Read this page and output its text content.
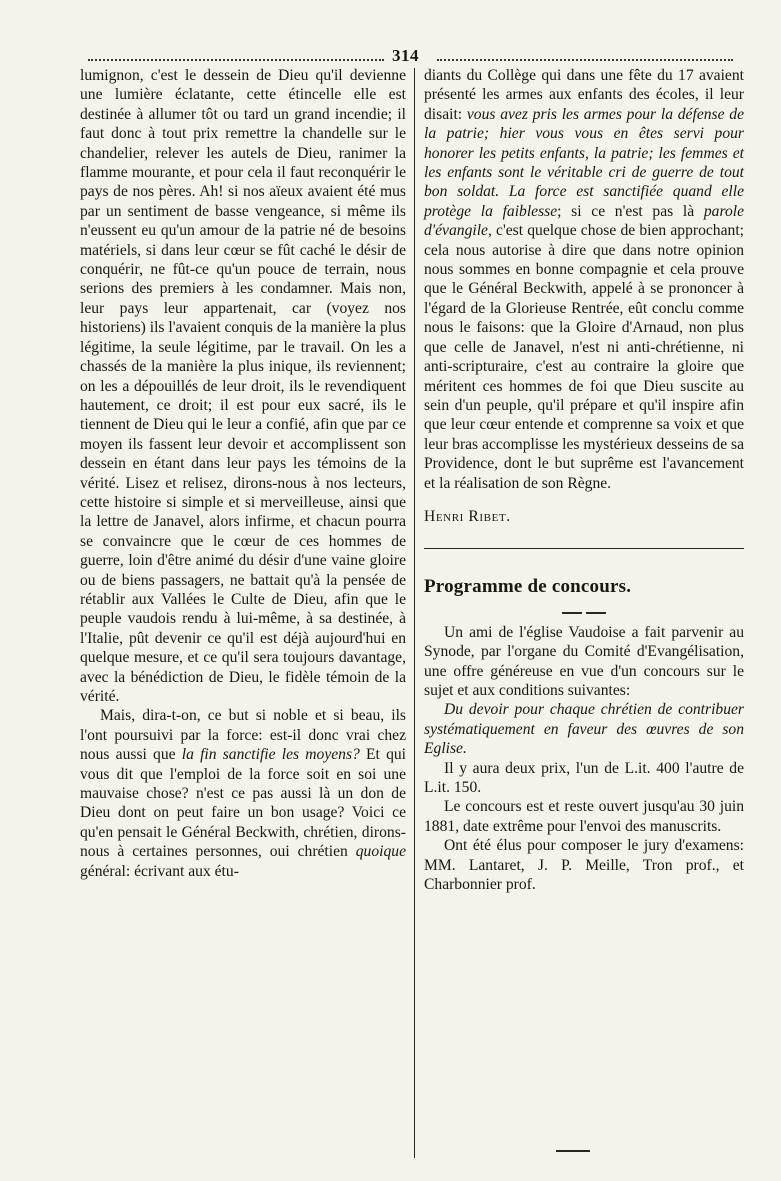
314

lumignon, c'est le dessein de Dieu qu'il devienne une lumière éclatante, cette étincelle elle est destinée à allumer tôt ou tard un grand incendie; il faut donc à tout prix remettre la chandelle sur le chandelier, relever les autels de Dieu, ranimer la flamme mourante, et pour cela il faut reconquérir le pays de nos pères. Ah! si nos aïeux avaient été mus par un sentiment de basse vengeance, si même ils n'eussent eu qu'un amour de la patrie né de besoins matériels, si dans leur cœur se fût caché le désir de conquérir, ne fût-ce qu'un pouce de terrain, nous serions des premiers à les condamner. Mais non, leur pays leur appartenait, car (voyez nos historiens) ils l'avaient conquis de la manière la plus légitime, la seule légitime, par le travail. On les a chassés de la manière la plus inique, ils reviennent; on les a dépouillés de leur droit, ils le revendiquent hautement, ce droit; il est pour eux sacré, ils le tiennent de Dieu qui le leur a confié, afin que par ce moyen ils fassent leur devoir et accomplissent son dessein en étant dans leur pays les témoins de la vérité. Lisez et relisez, dirons-nous à nos lecteurs, cette histoire si simple et si merveilleuse, ainsi que la lettre de Janavel, alors infirme, et chacun pourra se convaincre que le cœur de ces hommes de guerre, loin d'être animé du désir d'une vaine gloire ou de biens passagers, ne battait qu'à la pensée de rétablir aux Vallées le Culte de Dieu, afin que le peuple vaudois rendu à lui-même, à sa destinée, à l'Italie, pût devenir ce qu'il est déjà aujourd'hui en quelque mesure, et ce qu'il sera toujours davantage, avec la bénédiction de Dieu, le fidèle témoin de la vérité.

Mais, dira-t-on, ce but si noble et si beau, ils l'ont poursuivi par la force: est-il donc vrai chez nous aussi que la fin sanctifie les moyens? Et qui vous dit que l'emploi de la force soit en soi une mauvaise chose? n'est ce pas aussi là un don de Dieu dont on peut faire un bon usage? Voici ce qu'en pensait le Général Beckwith, chrétien, dirons-nous à certaines personnes, oui chrétien quoique général: écrivant aux étu-

diants du Collège qui dans une fête du 17 avaient présenté les armes aux enfants des écoles, il leur disait: vous avez pris les armes pour la défense de la patrie; hier vous vous en êtes servi pour honorer les petits enfants, la patrie; les femmes et les enfants sont le véritable cri de guerre de tout bon soldat. La force est sanctifiée quand elle protège la faiblesse; si ce n'est pas là parole d'évangile, c'est quelque chose de bien approchant; cela nous autorise à dire que dans notre opinion nous sommes en bonne compagnie et cela prouve que le Général Beckwith, appelé à se prononcer à l'égard de la Glorieuse Rentrée, eût conclu comme nous le faisons: que la Gloire d'Arnaud, non plus que celle de Janavel, n'est ni anti-chrétienne, ni anti-scripturaire, c'est au contraire la gloire que méritent ces hommes de foi que Dieu suscite au sein d'un peuple, qu'il prépare et qu'il inspire afin que leur cœur entende et comprenne sa voix et que leur bras accomplisse les mystérieux desseins de sa Providence, dont le but suprême est l'avancement et la réalisation de son Règne.

Henri Ribet.

Programme de concours.

Un ami de l'église Vaudoise a fait parvenir au Synode, par l'organe du Comité d'Evangélisation, une offre généreuse en vue d'un concours sur le sujet et aux conditions suivantes:

Du devoir pour chaque chrétien de contribuer systématiquement en faveur des œuvres de son Eglise.

Il y aura deux prix, l'un de L.it. 400 l'autre de L.it. 150.

Le concours est et reste ouvert jusqu'au 30 juin 1881, date extrême pour l'envoi des manuscrits.

Ont été élus pour composer le jury d'examens: MM. Lantaret, J. P. Meille, Tron prof., et Charbonnier prof.
